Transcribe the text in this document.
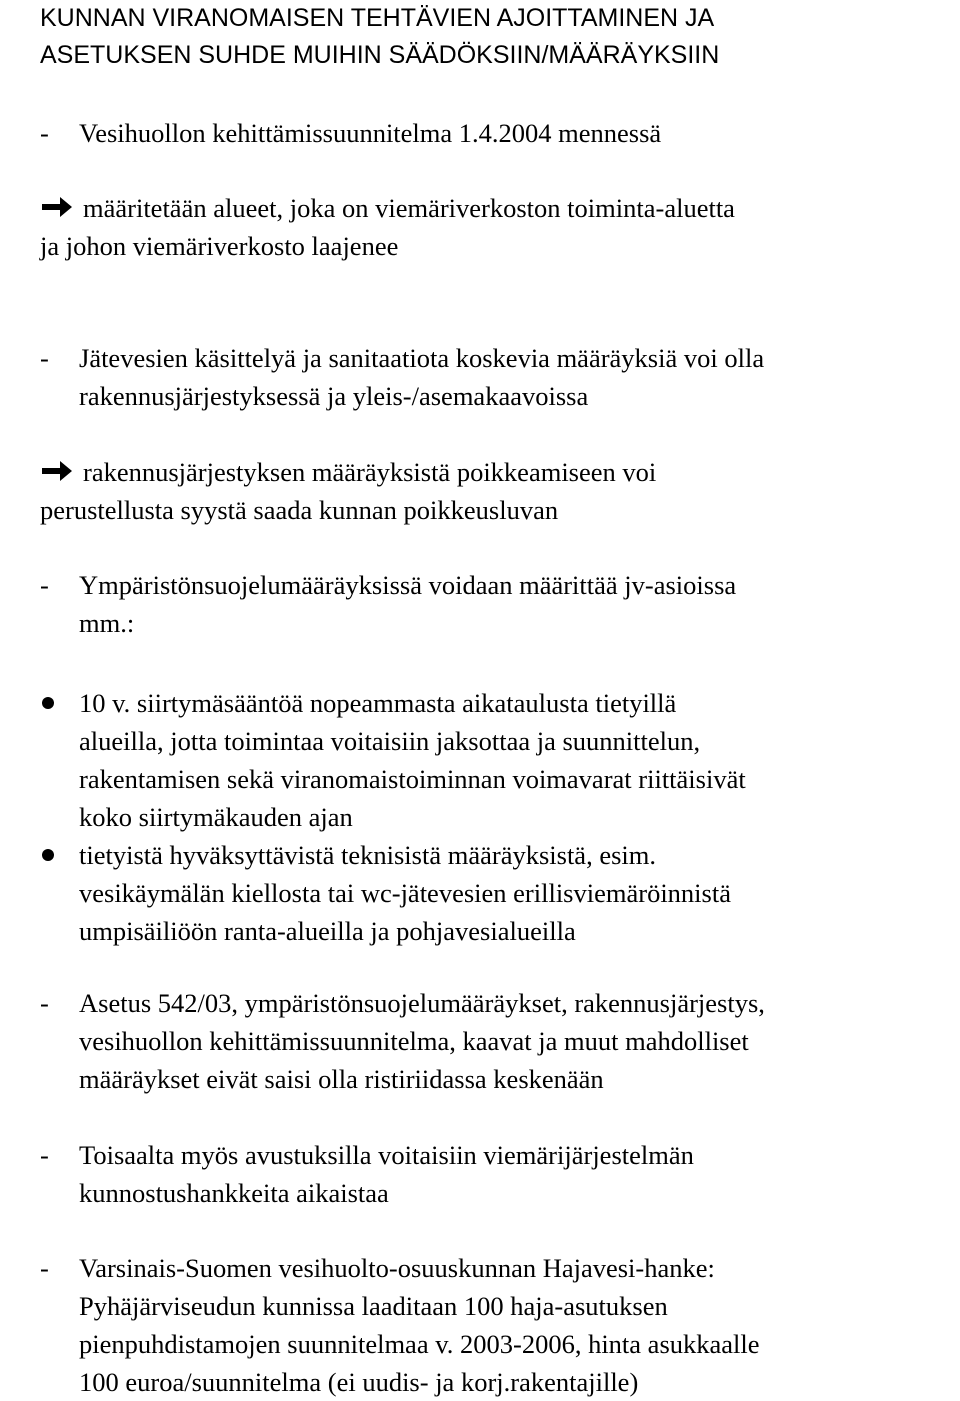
KUNNAN VIRANOMAISEN TEHTÄVIEN AJOITTAMINEN JA
ASETUKSEN SUHDE MUIHIN SÄÄDÖKSIIN/MÄÄRÄYKSIIN
- Vesihuollon kehittämissuunnitelma 1.4.2004 mennessä
määritetään alueet, joka on viemäriverkoston toiminta-aluetta
ja johon viemäriverkosto laajenee
- Jätevesien käsittelyä ja sanitaatiota koskevia määräyksiä voi olla
rakennusjärjestyksessä ja yleis-/asemakaavoissa
rakennusjärjestyksen määräyksistä poikkeamiseen voi
perustellusta syystä saada kunnan poikkeusluvan
- Ympäristönsuojelumääräyksissä voidaan määrittää jv-asioissa
mm.:
10 v. siirtymäsääntöä nopeammasta aikataulusta tietyillä
alueilla, jotta toimintaa voitaisiin jaksottaa ja suunnittelun,
rakentamisen sekä viranomaistoiminnan voimavarat riittäisivät
koko siirtymäkauden ajan
tietyistä hyväksyttävistä teknisistä määräyksistä, esim.
vesikäymälän kiellosta tai wc-jätevesien erillisviemäröinnistä
umpisäiliöön ranta-alueilla ja pohjavesialueilla
- Asetus 542/03, ympäristönsuojelumääräykset, rakennusjärjestys,
vesihuollon kehittämissuunnitelma, kaavat ja muut mahdolliset
määräykset eivät saisi olla ristiriidassa keskenään
- Toisaalta myös avustuksilla voitaisiin viemärijärjestelmän
kunnostushankkeita aikaistaa
- Varsinais-Suomen vesihuolto-osuuskunnan Hajavesi-hanke:
Pyhäjärviseudun kunnissa laaditaan 100 haja-asutuksen
pienpuhdistamojen suunnitelmaa v. 2003-2006, hinta asukkaalle
100 euroa/suunnitelma (ei uudis- ja korj.rakentajille)
